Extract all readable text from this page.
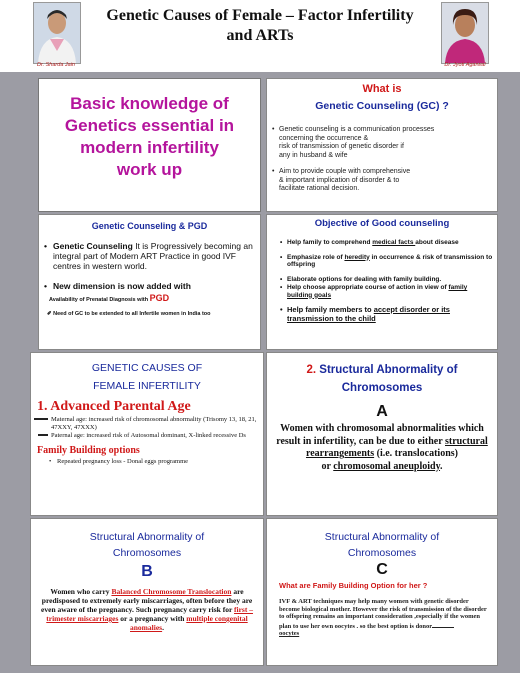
Dr. Sharda Jain
Genetic Causes of Female – Factor Infertility
and ARTs
Dr. Jyoti Agarwal
Basic knowledge of
Genetics essential in
modern infertility
work up
What is
Genetic Counseling (GC) ?
• Genetic counseling is a communication processes
concerning the occurrence &
risk of transmission of genetic disorder if
any in husband & wife
• Aim to provide couple with comprehensive
& important implication of disorder & to
facilitate rational decision.
Genetic Counseling & PGD
• Genetic Counseling It is Progressively becoming an integral part of Modern ART Practice in good IVF centres in western world.
• New dimension is now added with
Availability of Prenatal Diagnosis with PGD
✐ Need of GC to be extended to all Infertile women in India too
Objective of Good counseling
• Help family to comprehend medical facts about disease
• Emphasize role of heredity in occurrence & risk of transmission to offspring
• Elaborate options for dealing with family building.
• Help choose appropriate course of action in view of family building goals
• Help family members to accept disorder or its transmission to the child
GENETIC CAUSES OF
FEMALE INFERTILITY
1. Advanced Parental Age
Maternal age: increased risk of chromosomal abnormality (Trisomy 13, 18, 21, 47XXY, 47XXX)
Paternal age: increased risk of Autosomal dominant, X-linked recessive Ds
Family Building options
• Repeated pregnancy loss - Donal eggs programme
2. Structural Abnormality of
Chromosomes
A
Women with chromosomal abnormalities which result in infertility, can be due to either structural rearrangements (i.e. translocations)
or chromosomal aneuploidy.
Structural Abnormality of
Chromosomes
B
Women who carry Balanced Chromosome Translocation are predisposed to extremely early miscarriages, often before they are even aware of the pregnancy. Such pregnancy carry risk for first – trimester miscarriages or a pregnancy with multiple congenital anomalies.
Structural Abnormality of
Chromosomes
C
What are Family Building Option for her ?
IVF & ART techniques may help many women with genetic disorder become biological mother. However the risk of transmission of the disorder to offspring remains an important consideration ,especially if the women plan to use her own oocytes . so the best option is donor
oocytes
